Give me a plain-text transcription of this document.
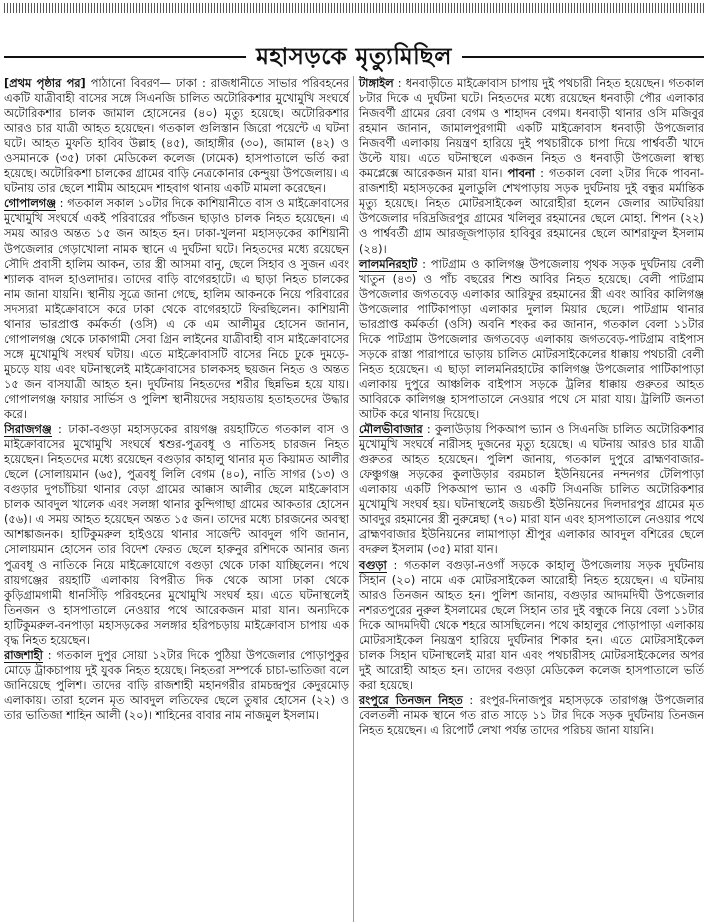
মহাসড়কে মৃত্যুমিছিল

[প্রথম পৃষ্ঠার পর] পাঠানো বিবরণ— ঢাকা : রাজধানীতে সাভার পরিবহনের একটি যাত্রীবাহী বাসের সঙ্গে সিএনজি চালিত অটোরিকশার মুখোমুখি সংঘর্ষে অটোরিকশার চালক জামাল হোসেনের (৪০) মৃত্যু হয়েছে। অটোরিকশার আরও চার যাত্রী আহত হয়েছেন। গতকাল গুলিস্তান জিরো পয়েন্টে এ ঘটনা ঘটে। আহত মুফতি হাবিব উল্লাহ (৪৫), জাহাঙ্গীর (৩০), জামাল (৪২) ও ওসমানকে (৩৫) ঢাকা মেডিকেল কলেজ (ঢামেক) হাসপাতালে ভর্তি করা হয়েছে। অটোরিকশা চালকের গ্রামের বাড়ি নেত্রকোনার কেন্দুয়া উপজেলায়। এ ঘটনায় তার ছেলে শামীম আহমেদ শাহবাগ থানায় একটি মামলা করেছেন।

গোপালগঞ্জ : গতকাল সকাল ১০টার দিকে কাশিয়ানীতে বাস ও মাইক্রোবাসের মুখোমুখি সংঘর্ষে একই পরিবারের পাঁচজন ছাড়াও চালক নিহত হয়েছেন। এ সময় আরও অন্তত ১৫ জন আহত হন। ঢাকা-খুলনা মহাসড়কের কাশিয়ানী উপজেলার গেড়াখোলা নামক স্থানে এ দুর্ঘটনা ঘটে। নিহতদের মধ্যে রয়েছেন সৌদি প্রবাসী হালিম আকন, তার স্ত্রী আসমা বানু, ছেলে সিহাব ও সুজন এবং শ্যালক বাদল হাওলাদার। তাদের বাড়ি বাগেরহাটে। এ ছাড়া নিহত চালকের নাম জানা যায়নি। স্থানীয় সূত্রে জানা গেছে, হালিম আকনকে নিয়ে পরিবারের সদস্যরা মাইক্রোবাসে করে ঢাকা থেকে বাগেরহাটে ফিরছিলেন। কাশিয়ানী থানার ভারপ্রাপ্ত কর্মকর্তা (ওসি) এ কে এম আলীমুর হোসেন জানান, গোপালগঞ্জ থেকে ঢাকাগামী সেবা গ্রিন লাইনের যাত্রীবাহী বাস মাইক্রোবাসের সঙ্গে মুখোমুখি সংঘর্ষ ঘটায়। এতে মাইক্রোবাসটি বাসের নিচে ঢুকে দুমড়ে-মুচড়ে যায় এবং ঘটনাস্থলেই মাইক্রোবাসের চালকসহ ছয়জন নিহত ও অন্তত ১৫ জন বাসযাত্রী আহত হন। দুর্ঘটনায় নিহতদের শরীর ছিন্নভিন্ন হয়ে যায়। গোপালগঞ্জ ফায়ার সার্ভিস ও পুলিশ স্থানীয়দের সহায়তায় হতাহতদের উদ্ধার করে।

সিরাজগঞ্জ : ঢাকা-বগুড়া মহাসড়কের রায়গঞ্জ রয়হাটিতে গতকাল বাস ও মাইক্রোবাসের মুখোমুখি সংঘর্ষে শ্বশুর-পুত্রবধূ ও নাতিসহ চারজন নিহত হয়েছেন। নিহতদের মধ্যে রয়েছেন বগুড়ার কাহালু থানার মৃত কিয়ামত আলীর ছেলে (সোলায়মান (৬৫), পুত্রবধূ লিলি বেগম (৪০), নাতি সাগর (১৩) ও বগুড়ার দুপচাঁচিয়া থানার বেড়া গ্রামের আক্কাস আলীর ছেলে মাইক্রোবাস চালক আবদুল খালেক এবং সলঙ্গা থানার কুন্দিগাছা গ্রামের আকতার হোসেন (৫৬)। এ সময় আহত হয়েছেন অন্তত ১৫ জন। তাদের মধ্যে চারজনের অবস্থা আশঙ্কাজনক। হাটিকুমরুল হাইওয়ে থানার সার্জেন্ট আবদুল গণি জানান, সোলায়মান হোসেন তার বিদেশ ফেরত ছেলে হারুনুর রশিদকে আনার জন্য পুত্রবধূ ও নাতিকে নিয়ে মাইক্রোযোগে বগুড়া থেকে ঢাকা যাচ্ছিলেন। পথে রায়গঞ্জের রয়হাটি এলাকায় বিপরীত দিক থেকে আসা ঢাকা থেকে কুড়িগ্রামগামী ধানসিঁড়ি পরিবহনের মুখোমুখি সংঘর্ষ হয়। এতে ঘটনাস্থলেই তিনজন ও হাসপাতালে নেওয়ার পথে আরেকজন মারা যান। অন্যদিকে হাটিকুমরুল-বনপাড়া মহাসড়কের সলঙ্গার হরিপচড়ায় মাইক্রোবাস চাপায় এক বৃদ্ধ নিহত হয়েছেন।

রাজশাহী : গতকাল দুপুর সোয়া ১২টার দিকে পুঠিয়া উপজেলার পোড়াপুকুর মোড়ে ট্রাকচাপায় দুই যুবক নিহত হয়েছে। নিহতরা সম্পর্কে চাচা-ভাতিজা বলে জানিয়েছে পুলিশ। তাদের বাড়ি রাজশাহী মহানগরীর রামচন্দ্রপুর কেদুরমোড় এলাকায়। তারা হলেন মৃত আবদুল লতিফের ছেলে তুষার হোসেন (২২) ও তার ভাতিজা শাহিন আলী (২০)। শাহিনের বাবার নাম নাজমুল ইসলাম।

টাঙ্গাইল : ধনবাড়ীতে মাইক্রোবাস চাপায় দুই পথচারী নিহত হয়েছেন। গতকাল ৮টার দিকে এ দুর্ঘটনা ঘটে। নিহতদের মধ্যে রয়েছেন ধনবাড়ী পৌর এলাকার নিজবর্ণী গ্রামের রেবা বেগম ও শাহাদন বেগম। ধনবাড়ী থানার ওসি মজিবুর রহমান জানান, জামালপুরগামী একটি মাইক্রোবাস ধনবাড়ী উপজেলার নিজবর্ণী এলাকায় নিয়ন্ত্রণ হারিয়ে দুই পথচারীকে চাপা দিয়ে পার্শ্ববর্তী খাদে উল্টে যায়। এতে ঘটনাস্থলে একজন নিহত ও ধনবাড়ী উপজেলা স্বাস্থ্য কমপ্লেক্সে আরেকজন মারা যান। পাবনা : গতকাল বেলা ২টার দিকে পাবনা-রাজশাহী মহাসড়কের মুলাডুলি শেখপাড়ায় সড়ক দুর্ঘটনায় দুই বন্ধুর মর্মান্তিক মৃত্যু হয়েছে। নিহত মোটরসাইকেল আরোহীরা হলেন জেলার আটঘরিয়া উপজেলার দরিদ্রজিরপুর গ্রামের খলিলুর রহমানের ছেলে মোহা. শিপন (২২) ও পার্শ্ববর্তী গ্রাম আরজূজপাড়ার হাবিবুর রহমানের ছেলে আশরাফুল ইসলাম (২৪)।

লালমনিরহাট : পাটগ্রাম ও কালিগঞ্জ উপজেলায় পৃথক সড়ক দুর্ঘটনায় বেলী খাতুন (৪৩) ও পাঁচ বছরের শিশু আবির নিহত হয়েছে। বেলী পাটগ্রাম উপজেলার জগতবেড় এলাকার আরিফুর রহমানের স্ত্রী এবং আবির কালিগঞ্জ উপজেলার পাটিকাপাড়া এলাকার দুলাল মিয়ার ছেলে। পাটগ্রাম থানার ভারপ্রাপ্ত কর্মকর্তা (ওসি) অবনি শংকর কর জানান, গতকাল বেলা ১১টার দিকে পাটগ্রাম উপজেলার জগতবেড় এলাকায় জগতবেড়-পাটগ্রাম বাইপাস সড়কে রাস্তা পারাপারে ভাড়ায় চালিত মোটরসাইকেলের ধাক্কায় পথচারী বেলী নিহত হয়েছেন। এ ছাড়া লালমনিরহাটের কালিগঞ্জ উপজেলার পাটিকাপাড়া এলাকায় দুপুরে আঞ্চলিক বাইপাস সড়কে ট্রলির ধাক্কায় গুরুতর আহত আবিরকে কালিগঞ্জ হাসপাতালে নেওয়ার পথে সে মারা যায়। ট্রলিটি জনতা আটক করে থানায় দিয়েছে।

মৌলভীবাজার : কুলাউড়ায় পিকআপ ভ্যান ও সিএনজি চালিত অটোরিকশার মুখোমুখি সংঘর্ষে নারীসহ দুজনের মৃত্যু হয়েছে। এ ঘটনায় আরও চার যাত্রী গুরুতর আহত হয়েছেন। পুলিশ জানায়, গতকাল দুপুরে ব্রাহ্মণবাজার-ফেঞ্চুগঞ্জ সড়কের কুলাউড়ার বরমচাল ইউনিয়নের নন্দনগর টেলিপাড়া এলাকায় একটি পিকআপ ভ্যান ও একটি সিএনজি চালিত অটোরিকশার মুখোমুখি সংঘর্ষ হয়। ঘটনাস্থলেই জয়চণ্ডী ইউনিয়নের দিলদারপুর গ্রামের মৃত আবদুর রহমানের স্ত্রী নুরুন্নেছা (৭০) মারা যান এবং হাসপাতালে নেওয়ার পথে ব্রাহ্মণবাজার ইউনিয়নের লামাপাড়া শ্রীপুর এলাকার আবদুল বশিরের ছেলে বদরুল ইসলাম (৩৫) মারা যান।

বগুড়া : গতকাল বগুড়া-নওগাঁ সড়কে কাহালু উপজেলায় সড়ক দুর্ঘটনায় সিহান (২০) নামে এক মোটরসাইকেল আরোহী নিহত হয়েছেন। এ ঘটনায় আরও তিনজন আহত হন। পুলিশ জানায়, বগুড়ার আদমদিঘী উপজেলার নশরতপুরের নুরুল ইসলামের ছেলে সিহান তার দুই বন্ধুকে নিয়ে বেলা ১১টার দিকে আদমদিঘী থেকে শহরে আসছিলেন। পথে কাহালুর পোড়াপাড়া এলাকায় মোটরসাইকেল নিয়ন্ত্রণ হারিয়ে দুর্ঘটনার শিকার হন। এতে মোটরসাইকেল চালক সিহান ঘটনাস্থলেই মারা যান এবং পথচারীসহ মোটরসাইকেলের অপর দুই আরোহী আহত হন। তাদের বগুড়া মেডিকেল কলেজ হাসপাতালে ভর্তি করা হয়েছে।

রংপুরে তিনজন নিহত : রংপুর-দিনাজপুর মহাসড়কে তারাগঞ্জ উপজেলার বেলতলী নামক স্থানে গত রাত সাড়ে ১১ টার দিকে সড়ক দুর্ঘটনায় তিনজন নিহত হয়েছেন। এ রিপোর্ট লেখা পর্যন্ত তাদের পরিচয় জানা যায়নি।
